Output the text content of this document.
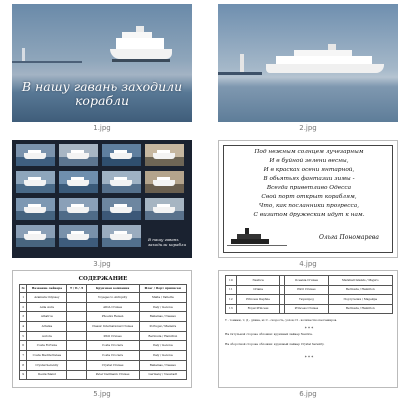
В нашу гавань заходили
корабли
1.jpg	2.jpg
В нашу гавань заходили корабли
3.jpg
Под нежным солнцем лучезарным
И в буйной зелени весны,
И в красках осени янтарной,
В обьятьях фантазии зимы -
Всегда приветливо Одесса
Свой порт открыт кораблям,
Что, как посланники прогресса,
С визитом дружеским идут к нам.
Ольга Пономарева
4.jpg
СОДЕРЖАНИЕ
№	Название лайнера	Т / Б / Л	Круизная компания	Флаг / Порт приписки
1	Azamara Odyssey		Voyages to Antiquity	Malta / Valletta
2	Aida Aura		AIDA Cruises	Italy / Genova
3	Albatros		Phoenix Reisen	Bahamas / Nassau
4	Artania		Classic International Cruises	Portugal / Madeira
5	Aurora		P&O Cruises	Bermuda / Hamilton
6	Costa Fortuna		Costa Crociere	Italy / Genova
7	Costa Mediterranea		Costa Crociere	Italy / Genova
8	Crystal Serenity		Crystal Cruises	Bahamas / Nassau
9	Deutschland		Peter Deilmann Cruises	Germany / Neustadt
5.jpg
10	Nautica		Oceania Cruises	Marshall Islands / Majuro
11	Oriana		P&O Cruises	Bermuda / Hamilton
12	Princess Daphne		Тюркпрод	Португалия / Мадейра
13	Royal Princess		Princess Cruises	Bermuda / Hamilton
Т - тоннаж, т; Д - длина, м; С - скорость, узлов; П - количество пассажиров.
* * *
На титульной стороне обложки: круизный лайнер Nautica.
На оборотной стороне обложки: круизный лайнер Crystal Serenity.
* * *
6.jpg
